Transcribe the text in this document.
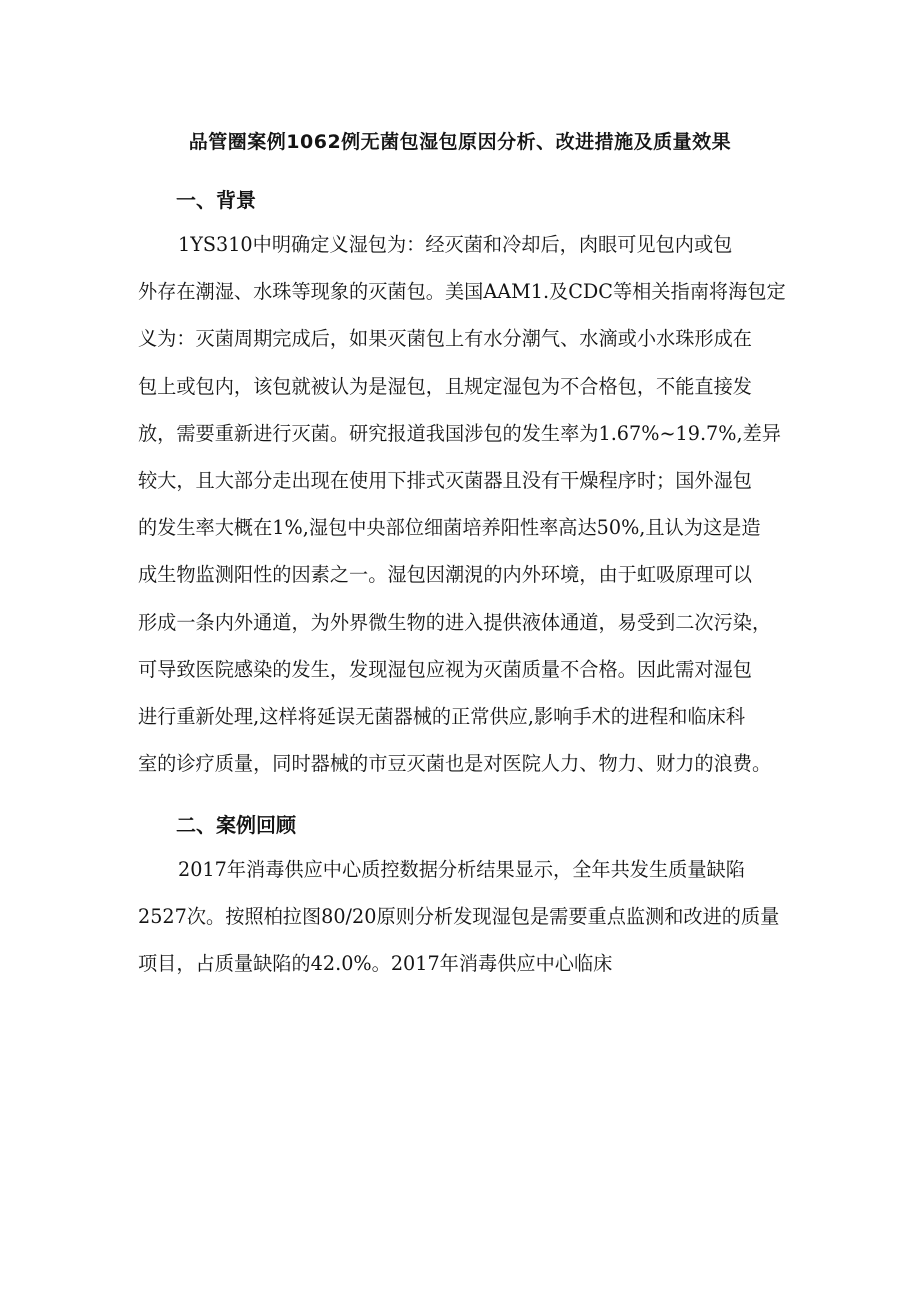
品管圈案例1062例无菌包湿包原因分析、改进措施及质量效果
一、背景
1YS310中明确定义湿包为：经灭菌和冷却后，肉眼可见包内或包
外存在潮湿、水珠等现象的灭菌包。美国AAM1.及CDC等相关指南将海包定
义为：灭菌周期完成后，如果灭菌包上有水分潮气、水滴或小水珠形成在
包上或包内，该包就被认为是湿包，且规定湿包为不合格包，不能直接发
放，需要重新进行灭菌。研究报道我国涉包的发生率为1.67%~19.7%,差异
较大，且大部分走出现在使用下排式灭菌器且没有干燥程序时；国外湿包
的发生率大概在1%,湿包中央部位细菌培养阳性率高达50%,且认为这是造
成生物监测阳性的因素之一。湿包因潮涀的内外环境，由于虹吸原理可以
形成一条内外通道，为外界微生物的进入提供液体通道，易受到二次污染，
可导致医院感染的发生，发现湿包应视为灭菌质量不合格。因此需对湿包
进行重新处理,这样将延误无菌器械的正常供应,影响手术的进程和临床科
室的诊疗质量，同时器械的市豆灭菌也是对医院人力、物力、财力的浪费。
二、案例回顾
2017年消毒供应中心质控数据分析结果显示，全年共发生质量缺陷
2527次。按照柏拉图80/20原则分析发现湿包是需要重点监测和改进的质量
项目，占质量缺陷的42.0%。2017年消毒供应中心临床
